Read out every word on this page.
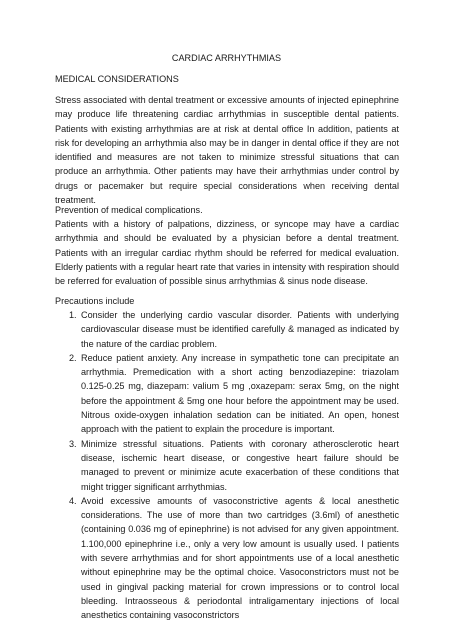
CARDIAC ARRHYTHMIAS
MEDICAL CONSIDERATIONS
Stress associated with dental treatment or excessive amounts of injected epinephrine may produce life threatening cardiac arrhythmias in susceptible dental patients. Patients with existing arrhythmias are at risk at dental office In addition, patients at risk for developing an arrhythmia also may be in danger in dental office if they are not identified and measures are not taken to minimize stressful situations that can produce an arrhythmia. Other patients may have their arrhythmias under control by drugs or pacemaker but require special considerations when receiving dental treatment.
Prevention of medical complications.
Patients with a history of palpations, dizziness, or syncope may have a cardiac arrhythmia and should be evaluated by a physician before a dental treatment. Patients with an irregular cardiac rhythm should be referred for medical evaluation. Elderly patients with a regular heart rate that varies in intensity with respiration should be referred for evaluation of possible sinus arrhythmias & sinus node disease.
Precautions include
1. Consider the underlying cardio vascular disorder. Patients with underlying cardiovascular disease must be identified carefully & managed as indicated by the nature of the cardiac problem.
2. Reduce patient anxiety. Any increase in sympathetic tone can precipitate an arrhythmia. Premedication with a short acting benzodiazepine: triazolam 0.125-0.25 mg, diazepam: valium 5 mg ,oxazepam: serax 5mg, on the night before the appointment & 5mg one hour before the appointment may be used. Nitrous oxide-oxygen inhalation sedation can be initiated. An open, honest approach with the patient to explain the procedure is important.
3. Minimize stressful situations. Patients with coronary atherosclerotic heart disease, ischemic heart disease, or congestive heart failure should be managed to prevent or minimize acute exacerbation of these conditions that might trigger significant arrhythmias.
4. Avoid excessive amounts of vasoconstrictive agents & local anesthetic considerations. The use of more than two cartridges (3.6ml) of anesthetic (containing 0.036 mg of epinephrine) is not advised for any given appointment. 1.100,000 epinephrine i.e., only a very low amount is usually used. I patients with severe arrhythmias and for short appointments use of a local anesthetic without epinephrine may be the optimal choice. Vasoconstrictors must not be used in gingival packing material for crown impressions or to control local bleeding. Intraosseous & periodontal intraligamentary injections of local anesthetics containing vasoconstrictors
